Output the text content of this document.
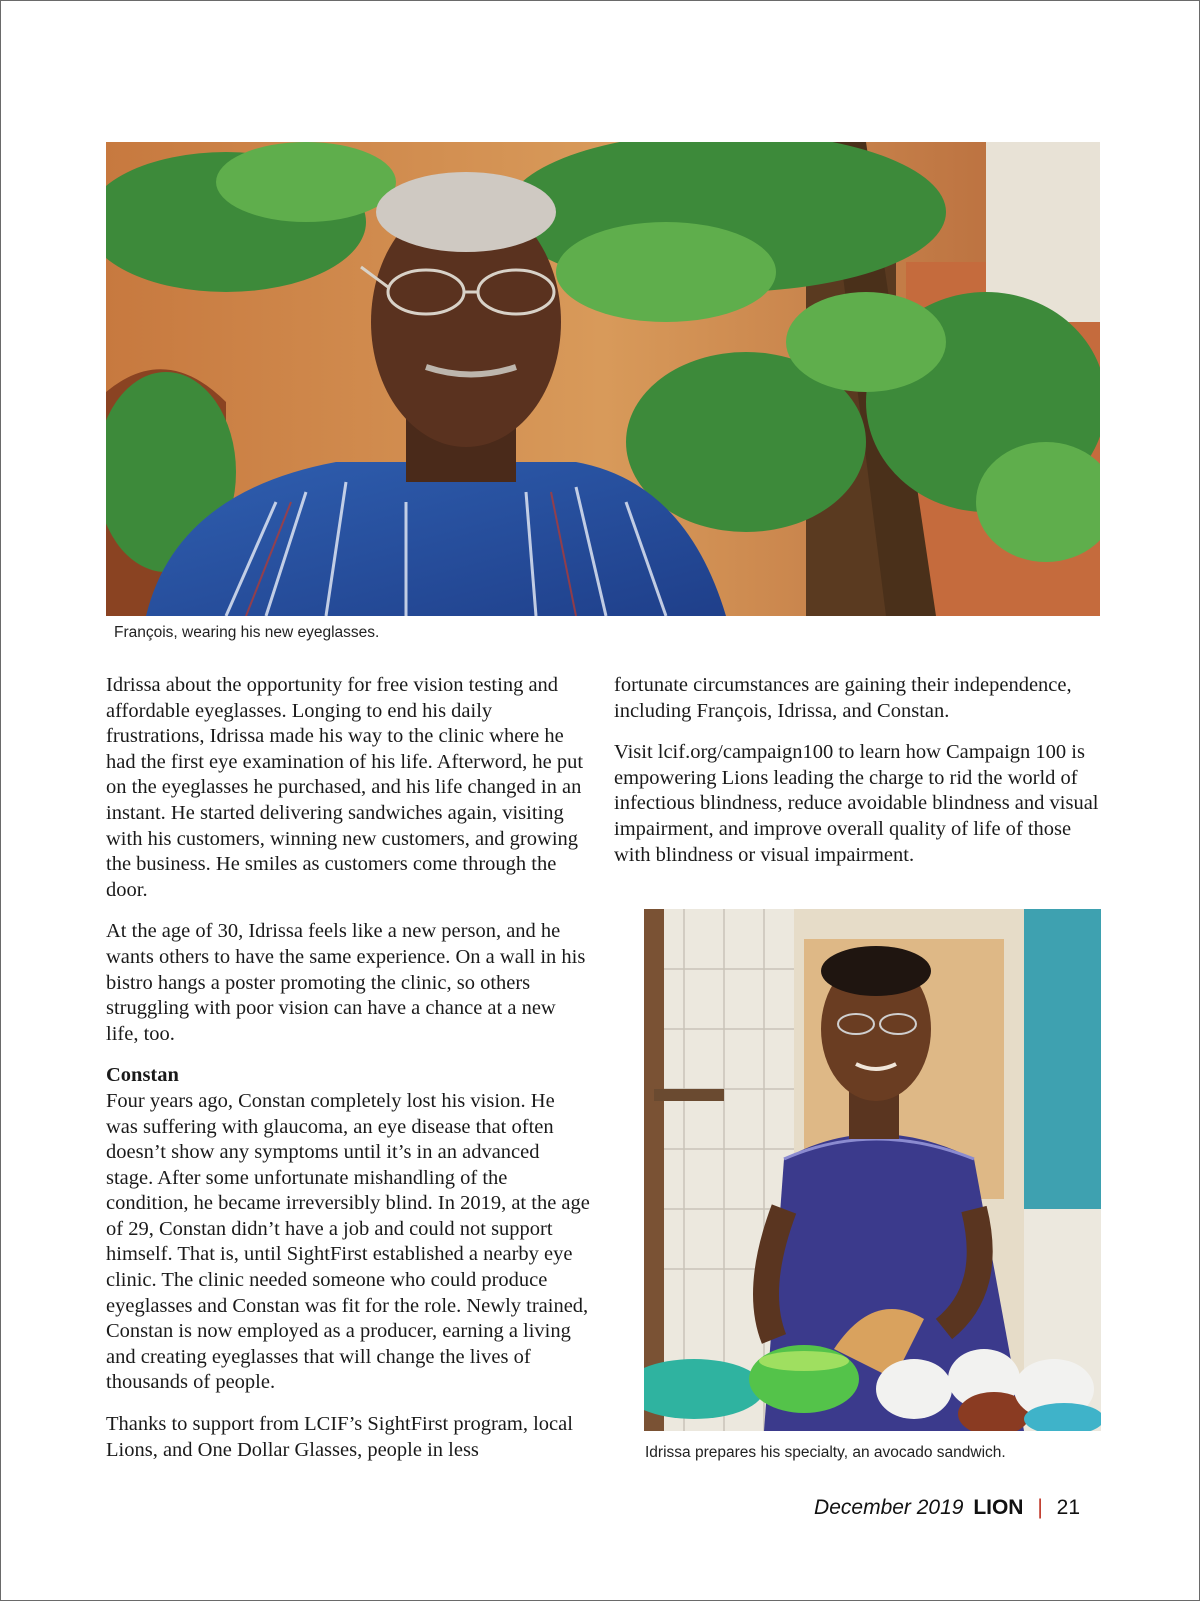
François, wearing his new eyeglasses.

Idrissa about the opportunity for free vision testing and affordable eyeglasses. Longing to end his daily frustrations, Idrissa made his way to the clinic where he had the first eye examination of his life. Afterword, he put on the eyeglasses he purchased, and his life changed in an instant. He started delivering sandwiches again, visiting with his customers, winning new customers, and growing the business. He smiles as customers come through the door.

At the age of 30, Idrissa feels like a new person, and he wants others to have the same experience. On a wall in his bistro hangs a poster promoting the clinic, so others struggling with poor vision can have a chance at a new life, too.

Constan
Four years ago, Constan completely lost his vision. He was suffering with glaucoma, an eye disease that often doesn’t show any symptoms until it’s in an advanced stage. After some unfortunate mishandling of the condition, he became irreversibly blind. In 2019, at the age of 29, Constan didn’t have a job and could not support himself. That is, until SightFirst established a nearby eye clinic. The clinic needed someone who could produce eyeglasses and Constan was fit for the role. Newly trained, Constan is now employed as a producer, earning a living and creating eyeglasses that will change the lives of thousands of people.

Thanks to support from LCIF’s SightFirst program, local Lions, and One Dollar Glasses, people in less

fortunate circumstances are gaining their independence, including François, Idrissa, and Constan.

Visit lcif.org/campaign100 to learn how Campaign 100 is empowering Lions leading the charge to rid the world of infectious blindness, reduce avoidable blindness and visual impairment, and improve overall quality of life of those with blindness or visual impairment.

Idrissa prepares his specialty, an avocado sandwich.
December 2019 LION | 21
